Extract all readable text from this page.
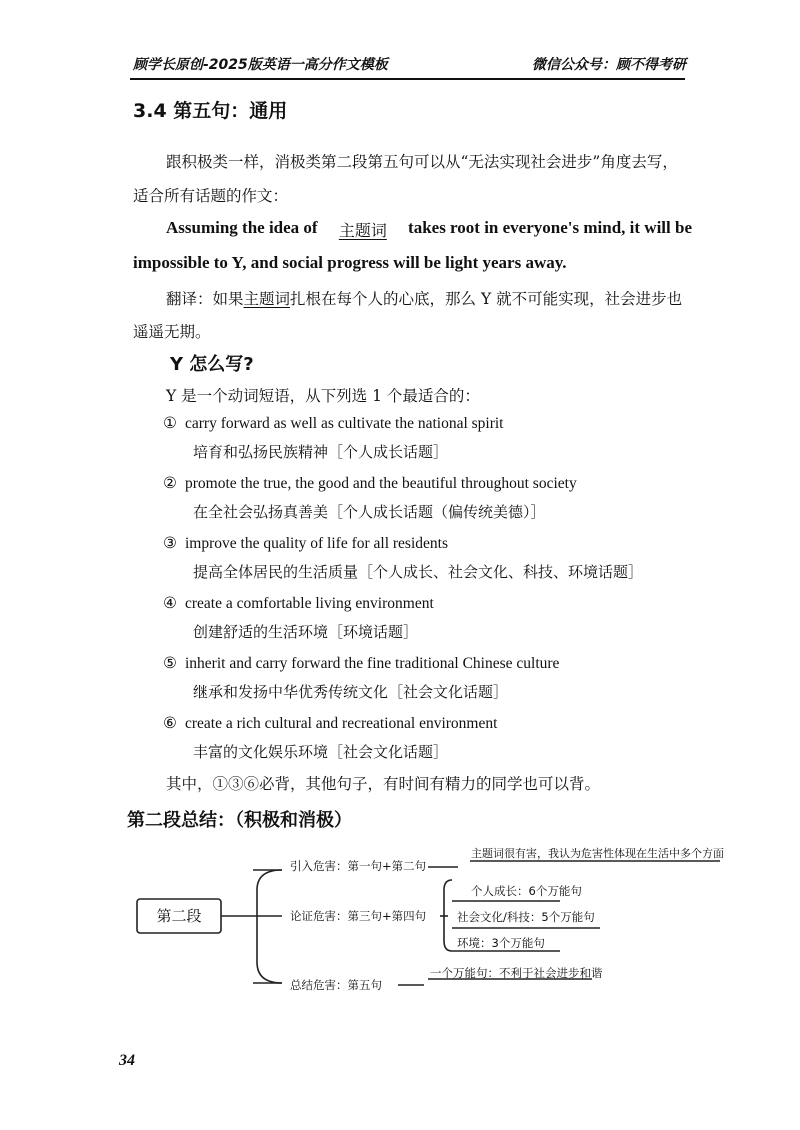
顾学长原创-2025版英语一高分作文模板	微信公众号：顾不得考研
3.4 第五句：通用
跟积极类一样，消极类第二段第五句可以从“无法实现社会进步”角度去写，
适合所有话题的作文：
Assuming the idea of 主题词 takes root in everyone's mind, it will be
impossible to Y, and social progress will be light years away.
翻译：如果主题词扎根在每个人的心底，那么 Y 就不可能实现，社会进步也
遥遥无期。
Y 怎么写?
Y 是一个动词短语，从下列选 1 个最适合的：
① carry forward as well as cultivate the national spirit
培育和弘扬民族精神［个人成长话题］
② promote the true, the good and the beautiful throughout society
在全社会弘扬真善美［个人成长话题（偏传统美德）］
③ improve the quality of life for all residents
提高全体居民的生活质量［个人成长、社会文化、科技、环境话题］
④ create a comfortable living environment
创建舒适的生活环境［环境话题］
⑤ inherit and carry forward the fine traditional Chinese culture
继承和发扬中华优秀传统文化［社会文化话题］
⑥ create a rich cultural and recreational environment
丰富的文化娱乐环境［社会文化话题］
其中，①③⑥必背，其他句子，有时间有精力的同学也可以背。
第二段总结：（积极和消极）
第二段
引入危害：第一句+第二句
主题词很有害，我认为危害性体现在生活中多个方面
论证危害：第三句+第四句
个人成长：6个万能句
社会文化/科技：5个万能句
环境：3个万能句
总结危害：第五句
一个万能句：不利于社会进步和谐
34
